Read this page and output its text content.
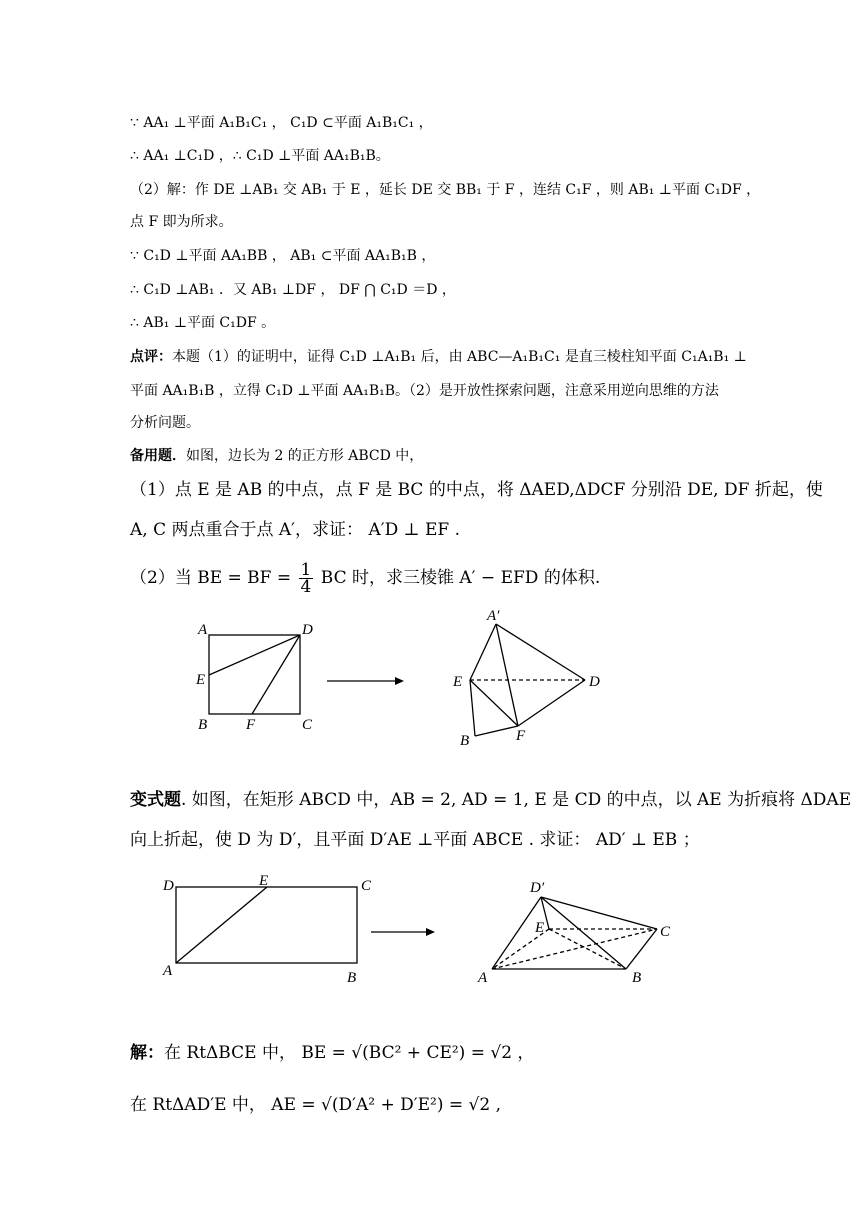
∵ AA₁ ⊥平面 A₁B₁C₁ ， C₁D ⊂平面 A₁B₁C₁ ，
∴ AA₁ ⊥C₁D ，∴ C₁D ⊥平面 AA₁B₁B。
（2）解：作 DE ⊥AB₁ 交 AB₁ 于 E ，延长 DE 交 BB₁ 于 F ，连结 C₁F ，则 AB₁ ⊥平面 C₁DF ，
点 F 即为所求。
∵ C₁D ⊥平面 AA₁BB ， AB₁ ⊂平面 AA₁B₁B ，
∴ C₁D ⊥AB₁ ．又 AB₁ ⊥DF ， DF ⋂ C₁D ＝D ，
∴ AB₁ ⊥平面 C₁DF 。
点评：本题（1）的证明中，证得 C₁D ⊥A₁B₁ 后，由 ABC—A₁B₁C₁ 是直三棱柱知平面 C₁A₁B₁ ⊥
平面 AA₁B₁B ，立得 C₁D ⊥平面 AA₁B₁B。（2）是开放性探索问题，注意采用逆向思维的方法
分析问题。
备用题．如图，边长为 2 的正方形 ABCD 中，
（1）点 E 是 AB 的中点，点 F 是 BC 的中点，将 ΔAED,ΔDCF 分别沿 DE, DF 折起，使
A, C 两点重合于点 A′，求证： A′D ⊥ EF .
（2）当 BE = BF = $\frac{1}{4}$ BC 时，求三棱锥 A′ − EFD 的体积.
变式题. 如图，在矩形 ABCD 中，AB = 2, AD = 1, E 是 CD 的中点，以 AE 为折痕将 ΔDAE
向上折起，使 D 为 D′，且平面 D′AE ⊥平面 ABCE . 求证： AD′ ⊥ EB ；
解：在 RtΔBCE 中， BE = √(BC² + CE²) = √2 ，
在 RtΔAD′E 中， AE = √(D′A² + D′E²) = √2 ,
A	D
E
B	F	C
A′
E	D
B	F
D	E	C
A	B
D′
E	C
A	B
